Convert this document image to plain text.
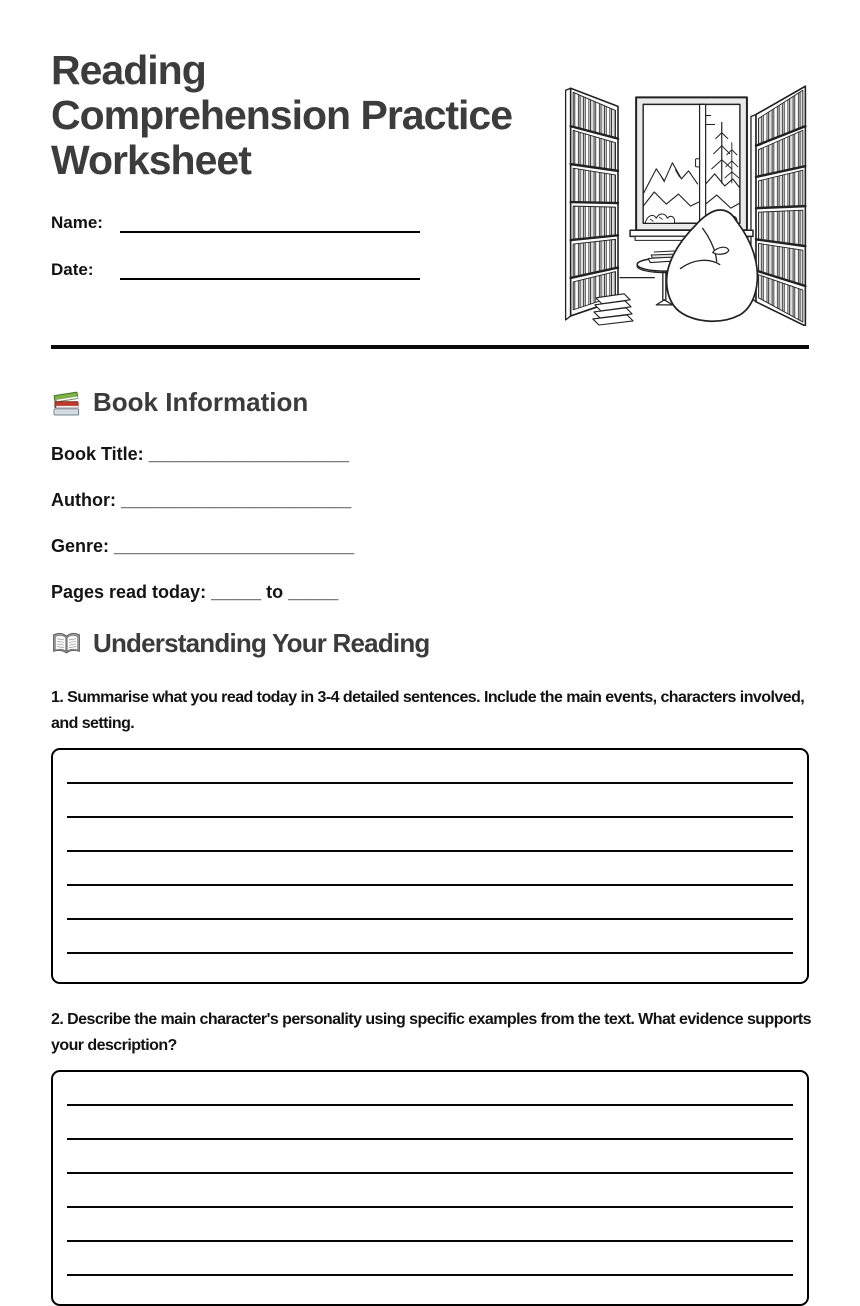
Reading
Comprehension Practice
Worksheet
Name:
Date:
Book Information
Book Title: ____________________
Author: _______________________
Genre: ________________________
Pages read today: _____ to _____
Understanding Your Reading

1. Summarise what you read today in 3-4 detailed sentences. Include the main events, characters involved, and setting.

2. Describe the main character's personality using specific examples from the text. What evidence supports your description?
